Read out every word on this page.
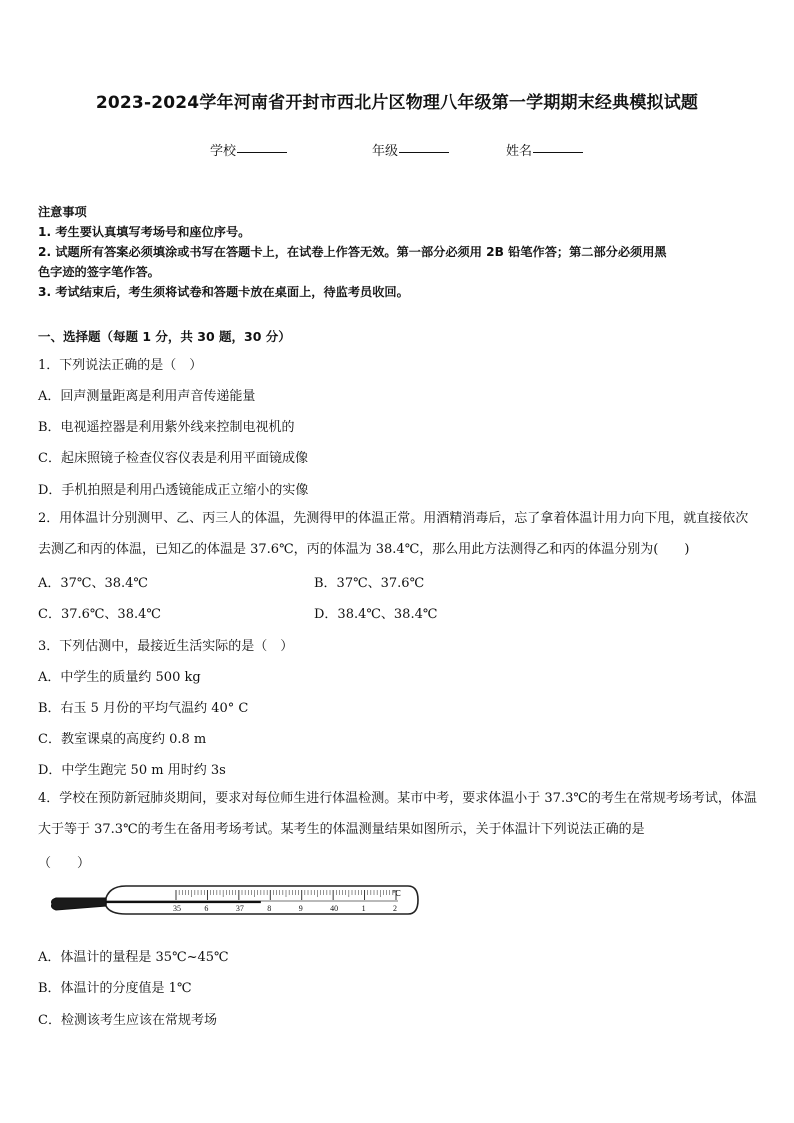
2023-2024学年河南省开封市西北片区物理八年级第一学期期末经典模拟试题
学校	年级	姓名
注意事项
1. 考生要认真填写考场号和座位序号。
2. 试题所有答案必须填涂或书写在答题卡上，在试卷上作答无效。第一部分必须用 2B 铅笔作答；第二部分必须用黑
色字迹的签字笔作答。
3. 考试结束后，考生须将试卷和答题卡放在桌面上，待监考员收回。
一、选择题（每题 1 分，共 30 题，30 分）
1．下列说法正确的是（　）
A．回声测量距离是利用声音传递能量
B．电视遥控器是利用紫外线来控制电视机的
C．起床照镜子检查仪容仪表是利用平面镜成像
D．手机拍照是利用凸透镜能成正立缩小的实像
2．用体温计分别测甲、乙、丙三人的体温，先测得甲的体温正常。用酒精消毒后，忘了拿着体温计用力向下甩，就直接依次去测乙和丙的体温，已知乙的体温是 37.6℃，丙的体温为 38.4℃，那么用此方法测得乙和丙的体温分别为(　　)
A．37℃、38.4℃	B．37℃、37.6℃
C．37.6℃、38.4℃	D．38.4℃、38.4℃
3．下列估测中，最接近生活实际的是（　）
A．中学生的质量约 500 kg
B．右玉 5 月份的平均气温约 40° C
C．教室课桌的高度约 0.8 m
D．中学生跑完 50 m 用时约 3s
4．学校在预防新冠肺炎期间，要求对每位师生进行体温检测。某市中考，要求体温小于 37.3℃的考生在常规考场考试，体温大于等于 37.3℃的考生在备用考场考试。某考生的体温测量结果如图所示，关于体温计下列说法正确的是
（　　）
35	6	37	8	9	40	1	2
℃
A．体温计的量程是 35℃~45℃
B．体温计的分度值是 1℃
C．检测该考生应该在常规考场
